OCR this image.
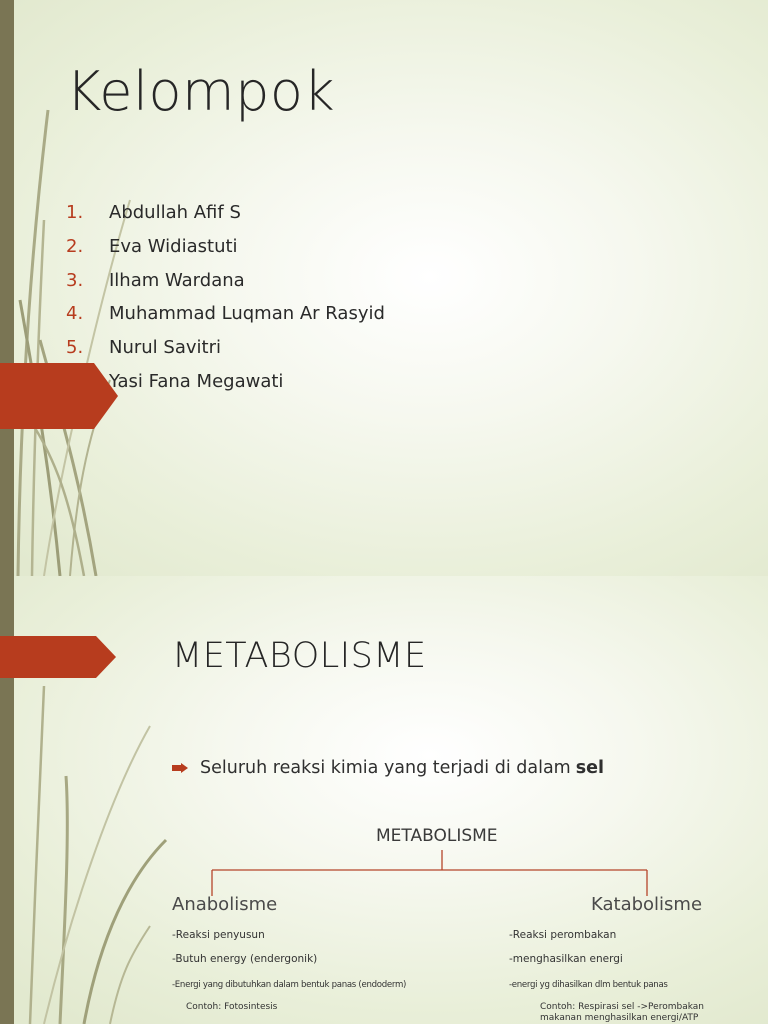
Kelompok
1.	Abdullah Afif S
2.	Eva Widiastuti
3.	Ilham Wardana
4.	Muhammad Luqman Ar Rasyid
5.	Nurul Savitri
Yasi Fana Megawati
METABOLISME
Seluruh reaksi kimia yang terjadi di dalam sel
METABOLISME
Anabolisme
-Reaksi penyusun
-Butuh energy (endergonik)
-Energi yang dibutuhkan dalam bentuk panas (endoderm)
Contoh: Fotosintesis
Katabolisme
-Reaksi perombakan
-menghasilkan energi
-energi yg dihasilkan dlm bentuk panas
Contoh: Respirasi sel ->Perombakan makanan menghasilkan energi/ATP
